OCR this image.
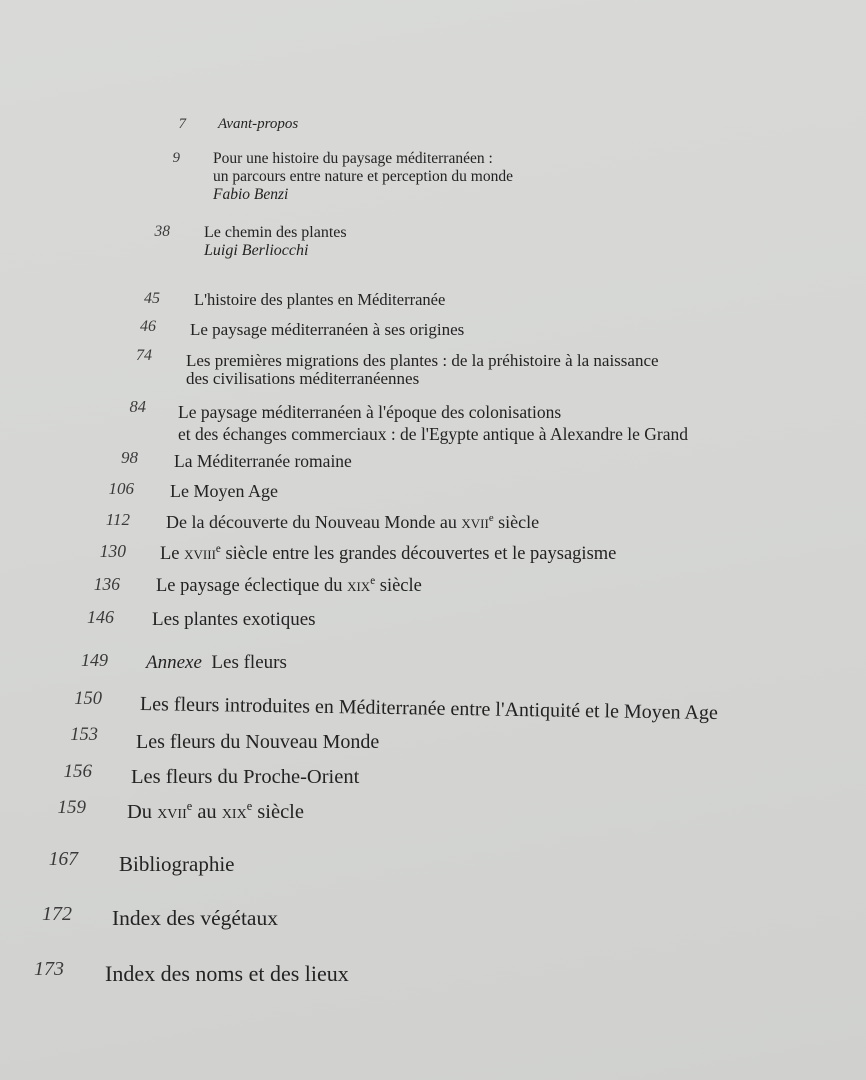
7 Avant-propos
9 Pour une histoire du paysage méditerranéen :
un parcours entre nature et perception du monde
Fabio Benzi
38 Le chemin des plantes
Luigi Berliocchi
45 L'histoire des plantes en Méditerranée
46 Le paysage méditerranéen à ses origines
74 Les premières migrations des plantes : de la préhistoire à la naissance
des civilisations méditerranéennes
84 Le paysage méditerranéen à l'époque des colonisations
et des échanges commerciaux : de l'Egypte antique à Alexandre le Grand
98 La Méditerranée romaine
106 Le Moyen Age
112 De la découverte du Nouveau Monde au xvii$^e$ siècle
130 Le xviii$^e$ siècle entre les grandes découvertes et le paysagisme
136 Le paysage éclectique du xix$^e$ siècle
146 Les plantes exotiques
149 Annexe Les fleurs
150 Les fleurs introduites en Méditerranée entre l'Antiquité et le Moyen Age
153 Les fleurs du Nouveau Monde
156 Les fleurs du Proche-Orient
159 Du xvii$^e$ au xix$^e$ siècle
167 Bibliographie
172 Index des végétaux
173 Index des noms et des lieux
